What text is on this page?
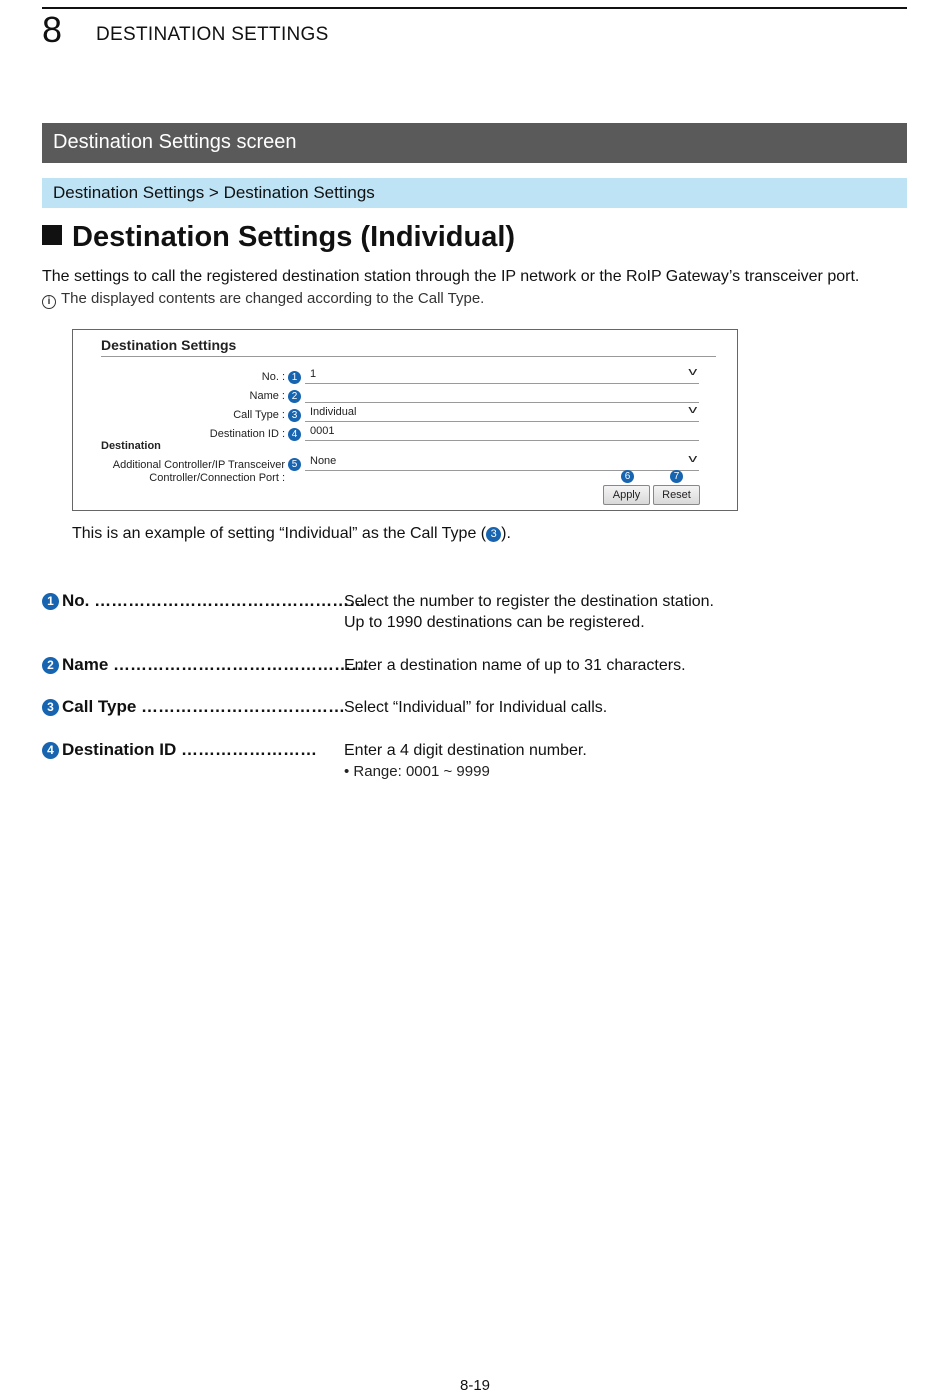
8 DESTINATION SETTINGS
Destination Settings screen
Destination Settings > Destination Settings
Destination Settings (Individual)
The settings to call the registered destination station through the IP network or the RoIP Gateway’s transceiver port.
i The displayed contents are changed according to the Call Type.
Destination Settings
No. : 1	1	v
Name : 2
Call Type : 3	Individual	v
Destination ID : 4	0001
Destination
Additional Controller/IP Transceiver
Controller/Connection Port :
5	None	v
6	7
Apply	Reset
This is an example of setting “Individual” as the Call Type ( 3 ).
1 No. …………………………………………
Select the number to register the destination station.
Up to 1990 destinations can be registered.
2 Name ………………………………………
Enter a destination name of up to 31 characters.
3 Call Type ………………………………
Select “Individual” for Individual calls.
4 Destination ID …………………… Enter a 4 digit destination number.
• Range: 0001 ~ 9999
8-19
